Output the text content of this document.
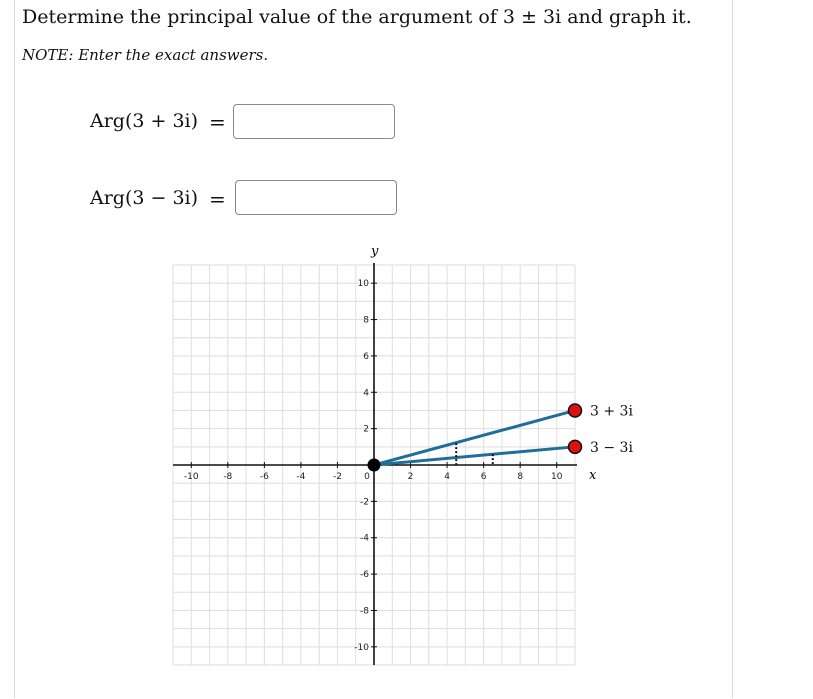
Determine the principal value of the argument of 3 ± 3i and graph it.
NOTE: Enter the exact answers.
Arg(3 + 3i) =
Arg(3 − 3i) =
x
y
-10	-8	-6	-4	-2 0	2	4	6	8	10
10
8
6
4
2
-2
-4
-6
-8
-10
3 + 3i
3 − 3i
